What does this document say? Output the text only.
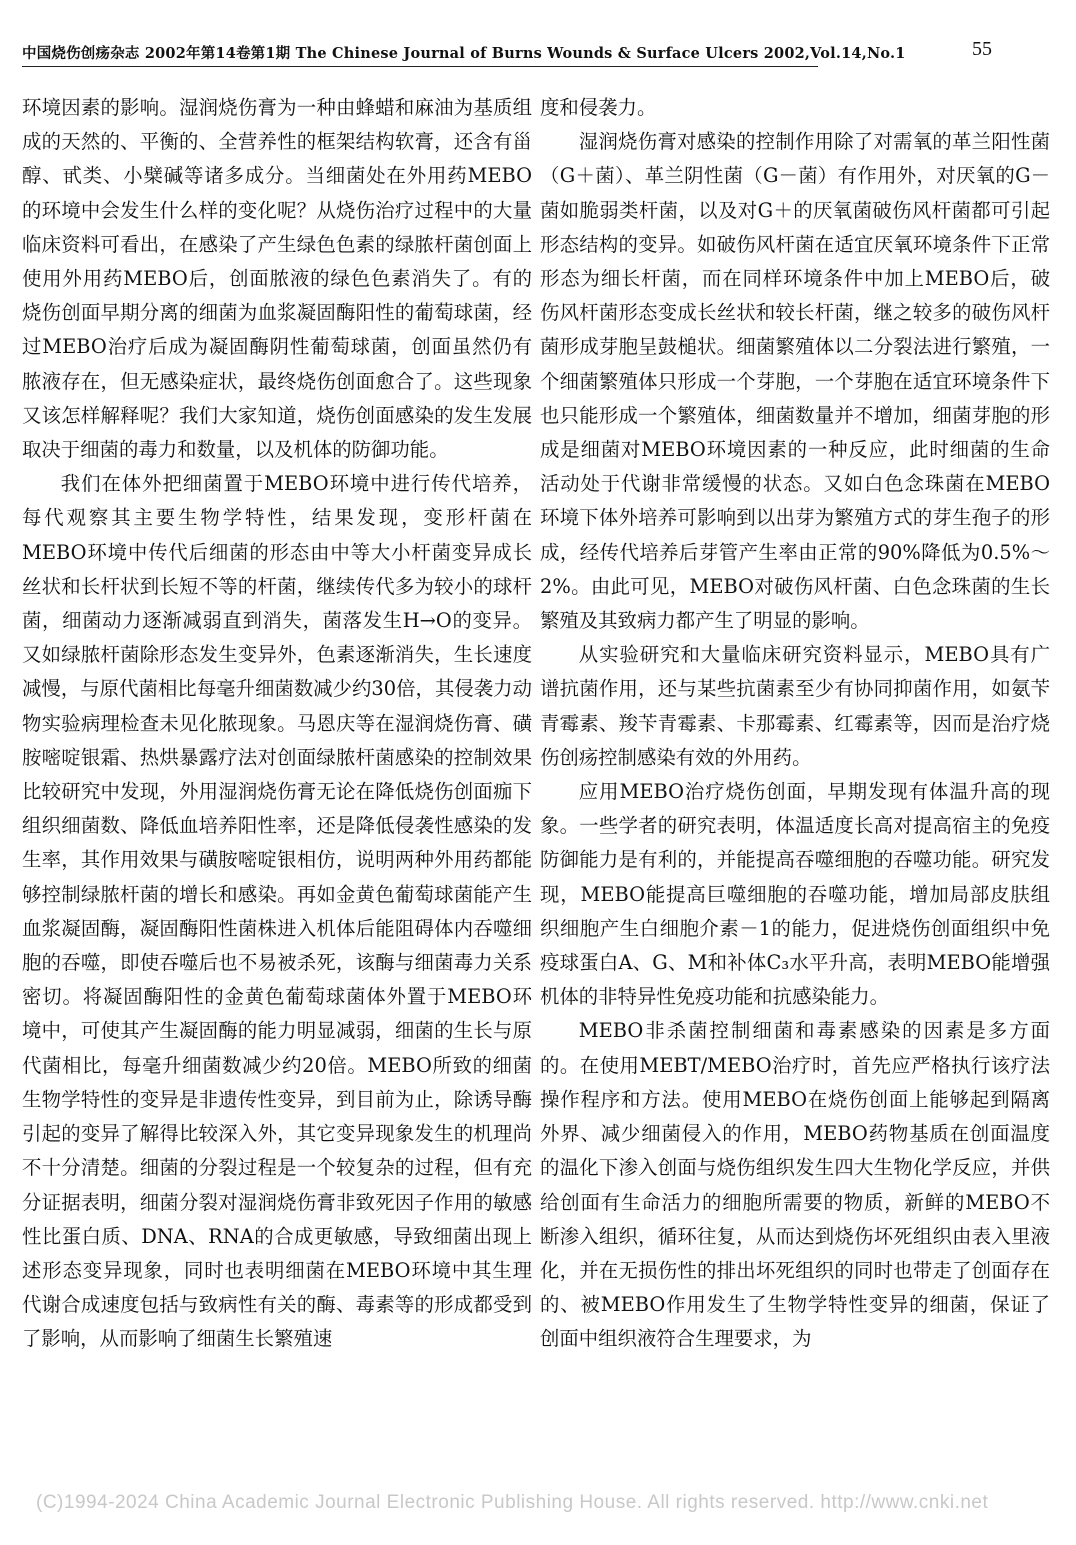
中国烧伤创疡杂志 2002年第14卷第1期 The Chinese Journal of Burns Wounds & Surface Ulcers 2002,Vol.14,No.1	55

环境因素的影响。湿润烧伤膏为一种由蜂蜡和麻油为基质组成的天然的、平衡的、全营养性的框架结构软膏，还含有甾醇、甙类、小檗碱等诸多成分。当细菌处在外用药MEBO的环境中会发生什么样的变化呢？从烧伤治疗过程中的大量临床资料可看出，在感染了产生绿色色素的绿脓杆菌创面上使用外用药MEBO后，创面脓液的绿色色素消失了。有的烧伤创面早期分离的细菌为血浆凝固酶阳性的葡萄球菌，经过MEBO治疗后成为凝固酶阴性葡萄球菌，创面虽然仍有脓液存在，但无感染症状，最终烧伤创面愈合了。这些现象又该怎样解释呢？我们大家知道，烧伤创面感染的发生发展取决于细菌的毒力和数量，以及机体的防御功能。

我们在体外把细菌置于MEBO环境中进行传代培养，每代观察其主要生物学特性，结果发现，变形杆菌在MEBO环境中传代后细菌的形态由中等大小杆菌变异成长丝状和长杆状到长短不等的杆菌，继续传代多为较小的球杆菌，细菌动力逐渐减弱直到消失，菌落发生H→O的变异。又如绿脓杆菌除形态发生变异外，色素逐渐消失，生长速度减慢，与原代菌相比每毫升细菌数减少约30倍，其侵袭力动物实验病理检查未见化脓现象。马恩庆等在湿润烧伤膏、磺胺嘧啶银霜、热烘暴露疗法对创面绿脓杆菌感染的控制效果比较研究中发现，外用湿润烧伤膏无论在降低烧伤创面痂下组织细菌数、降低血培养阳性率，还是降低侵袭性感染的发生率，其作用效果与磺胺嘧啶银相仿，说明两种外用药都能够控制绿脓杆菌的增长和感染。再如金黄色葡萄球菌能产生血浆凝固酶，凝固酶阳性菌株进入机体后能阻碍体内吞噬细胞的吞噬，即使吞噬后也不易被杀死，该酶与细菌毒力关系密切。将凝固酶阳性的金黄色葡萄球菌体外置于MEBO环境中，可使其产生凝固酶的能力明显减弱，细菌的生长与原代菌相比，每毫升细菌数减少约20倍。MEBO所致的细菌生物学特性的变异是非遗传性变异，到目前为止，除诱导酶引起的变异了解得比较深入外，其它变异现象发生的机理尚不十分清楚。细菌的分裂过程是一个较复杂的过程，但有充分证据表明，细菌分裂对湿润烧伤膏非致死因子作用的敏感性比蛋白质、DNA、RNA的合成更敏感，导致细菌出现上述形态变异现象，同时也表明细菌在MEBO环境中其生理代谢合成速度包括与致病性有关的酶、毒素等的形成都受到了影响，从而影响了细菌生长繁殖速

度和侵袭力。

湿润烧伤膏对感染的控制作用除了对需氧的革兰阳性菌（G＋菌）、革兰阴性菌（G－菌）有作用外，对厌氧的G－菌如脆弱类杆菌，以及对G＋的厌氧菌破伤风杆菌都可引起形态结构的变异。如破伤风杆菌在适宜厌氧环境条件下正常形态为细长杆菌，而在同样环境条件中加上MEBO后，破伤风杆菌形态变成长丝状和较长杆菌，继之较多的破伤风杆菌形成芽胞呈鼓槌状。细菌繁殖体以二分裂法进行繁殖，一个细菌繁殖体只形成一个芽胞，一个芽胞在适宜环境条件下也只能形成一个繁殖体，细菌数量并不增加，细菌芽胞的形成是细菌对MEBO环境因素的一种反应，此时细菌的生命活动处于代谢非常缓慢的状态。又如白色念珠菌在MEBO环境下体外培养可影响到以出芽为繁殖方式的芽生孢子的形成，经传代培养后芽管产生率由正常的90%降低为0.5%～2%。由此可见，MEBO对破伤风杆菌、白色念珠菌的生长繁殖及其致病力都产生了明显的影响。

从实验研究和大量临床研究资料显示，MEBO具有广谱抗菌作用，还与某些抗菌素至少有协同抑菌作用，如氨苄青霉素、羧苄青霉素、卡那霉素、红霉素等，因而是治疗烧伤创疡控制感染有效的外用药。

应用MEBO治疗烧伤创面，早期发现有体温升高的现象。一些学者的研究表明，体温适度长高对提高宿主的免疫防御能力是有利的，并能提高吞噬细胞的吞噬功能。研究发现，MEBO能提高巨噬细胞的吞噬功能，增加局部皮肤组织细胞产生白细胞介素－1的能力，促进烧伤创面组织中免疫球蛋白A、G、M和补体C₃水平升高，表明MEBO能增强机体的非特异性免疫功能和抗感染能力。

MEBO非杀菌控制细菌和毒素感染的因素是多方面的。在使用MEBT/MEBO治疗时，首先应严格执行该疗法操作程序和方法。使用MEBO在烧伤创面上能够起到隔离外界、减少细菌侵入的作用，MEBO药物基质在创面温度的温化下渗入创面与烧伤组织发生四大生物化学反应，并供给创面有生命活力的细胞所需要的物质，新鲜的MEBO不断渗入组织，循环往复，从而达到烧伤坏死组织由表入里液化，并在无损伤性的排出坏死组织的同时也带走了创面存在的、被MEBO作用发生了生物学特性变异的细菌，保证了创面中组织液符合生理要求，为

(C)1994-2024 China Academic Journal Electronic Publishing House. All rights reserved. http://www.cnki.net
